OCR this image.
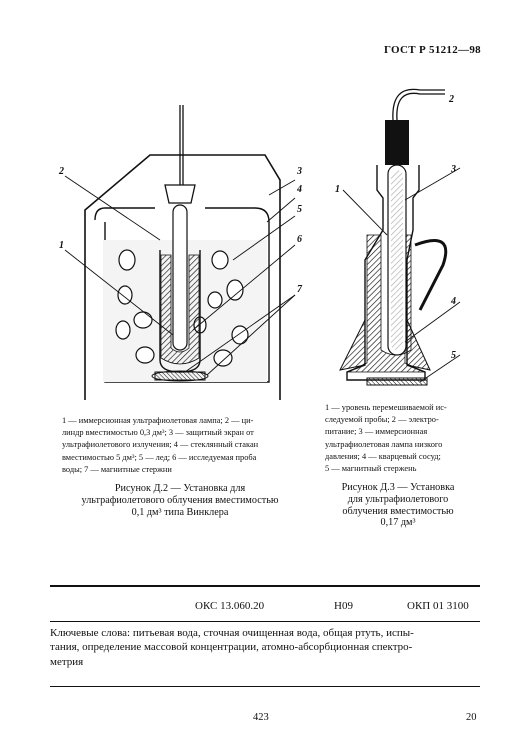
ГОСТ Р 51212—98
2
1
3
4
5
6
7
2
3
1
4
5
1 — иммерсионная ультрафиолетовая лампа; 2 — ци-
линдр вместимостью 0,3 дм³; 3 — защитный экран от
ультрафиолетового излучения; 4 — стеклянный стакан
вместимостью 5 дм³; 5 — лед; 6 — исследуемая проба
воды; 7 — магнитные стержни
1 — уровень перемешиваемой ис-
следуемой пробы; 2 — электро-
питание; 3 — иммерсионная
ультрафиолетовая лампа низкого
давления; 4 — кварцевый сосуд;
5 — магнитный стержень
Рисунок Д.2 — Установка для
ультрафиолетового облучения вместимостью
0,1 дм³ типа Винклера
Рисунок Д.3 — Установка
для ультрафиолетового
облучения вместимостью
0,17 дм³
ОКС 13.060.20	Н09	ОКП 01 3100
Ключевые слова: питьевая вода, сточная очищенная вода, общая ртуть, испы-
тания, определение массовой концентрации, атомно-абсорбционная спектро-
метрия
423	20
